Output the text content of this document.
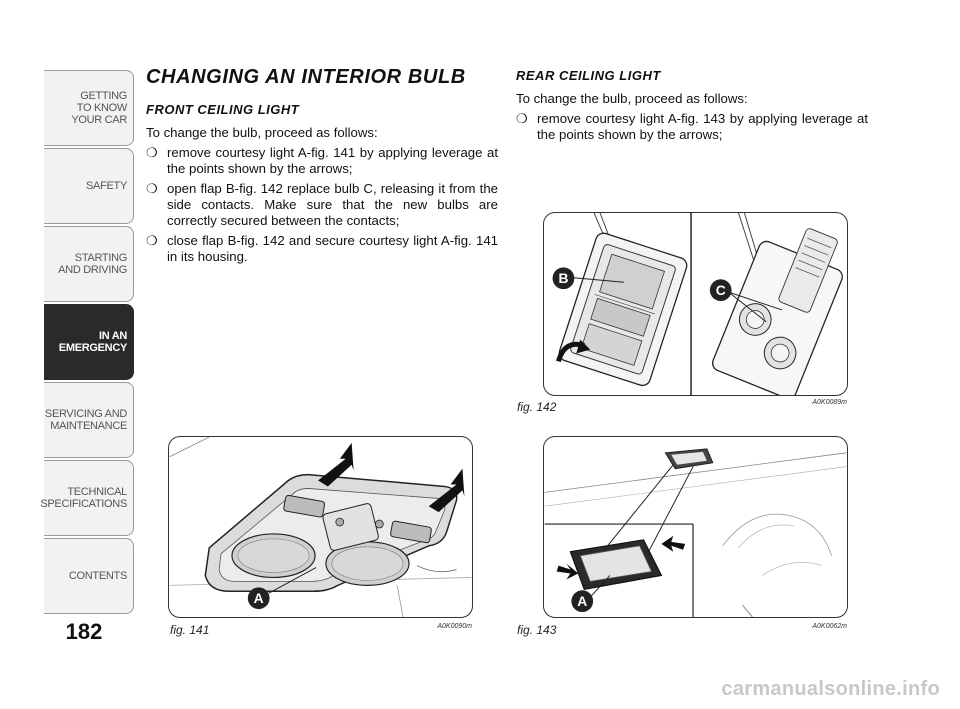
GETTING
TO KNOW
YOUR CAR
SAFETY
STARTING
AND DRIVING
IN AN
EMERGENCY
SERVICING AND
MAINTENANCE
TECHNICAL
SPECIFICATIONS
CONTENTS
182
CHANGING AN INTERIOR BULB
FRONT CEILING LIGHT

To change the bulb, proceed as follows:

❍ remove courtesy light A-fig. 141 by applying leverage at the points shown by the arrows;
❍ open flap B-fig. 142 replace bulb C, releasing it from the side contacts. Make sure that the new bulbs are correctly secured between the contacts;
❍ close flap B-fig. 142 and secure courtesy light A-fig. 141 in its housing.
REAR CEILING LIGHT

To change the bulb, proceed as follows:

❍ remove courtesy light A-fig. 143 by applying leverage at the points shown by the arrows;
B
C
fig. 142	A0K0089m
A
fig. 141	A0K0090m
A
fig. 143	A0K0062m
carmanualsonline.info
